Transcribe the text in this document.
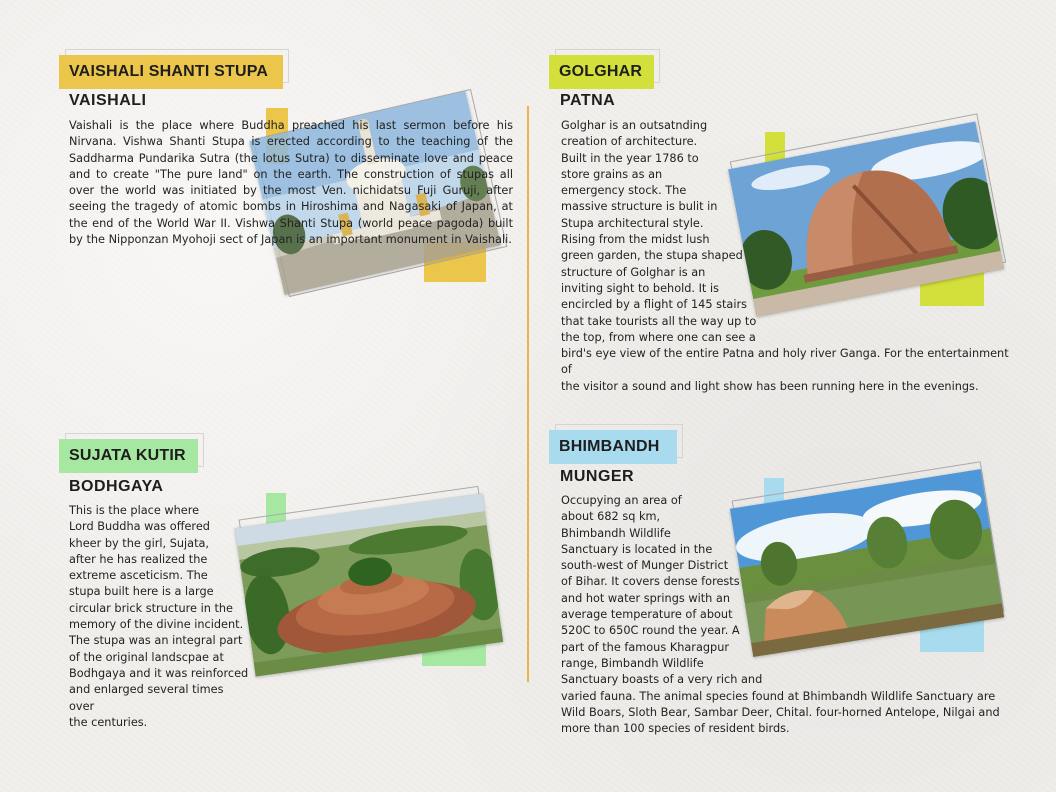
VAISHALI SHANTI STUPA
VAISHALI
Vaishali is the place where Buddha preached his last sermon before his Nirvana. Vishwa Shanti Stupa is erected according to the teaching of the Saddharma Pundarika Sutra (the lotus Sutra) to disseminate love and peace and to create "The pure land" on the earth. The construction of stupas all over the world was initiated by the most Ven. nichidatsu Fuji Guruji, after seeing the tragedy of atomic bombs in Hiroshima and Nagasaki of Japan, at the end of the World War II. Vishwa Shanti Stupa (world peace pagoda) built by the Nipponzan Myohoji sect of Japan is an important monument in Vaishali.
GOLGHAR
PATNA
Golghar is an outsatnding
creation of architecture.
Built in the year 1786 to
store grains as an
emergency stock. The
massive structure is bulit in
Stupa architectural style.
Rising from the midst lush
green garden, the stupa shaped
structure of Golghar is an
inviting sight to behold. It is
encircled by a flight of 145 stairs
that take tourists all the way up to
the top, from where one can see a
bird's eye view of the entire Patna and holy river Ganga. For the entertainment of
the visitor a sound and light show has been running here in the evenings.
SUJATA KUTIR
BODHGAYA
This is the place where
Lord Buddha was offered
kheer by the girl, Sujata,
after he has realized the
extreme asceticism. The
stupa built here is a large
circular brick structure in the
memory of the divine incident.
The stupa was an integral part
of the original landscpae at
Bodhgaya and it was reinforced
and enlarged several times over
the centuries.
BHIMBANDH
MUNGER
Occupying an area of
about 682 sq km,
Bhimbandh Wildlife
Sanctuary is located in the
south-west of Munger District
of Bihar. It covers dense forests
and hot water springs with an
average temperature of about
520C to 650C round the year. A
part of the famous Kharagpur
range, Bimbandh Wildlife
Sanctuary boasts of a very rich and
varied fauna. The animal species found at Bhimbandh Wildlife Sanctuary are
Wild Boars, Sloth Bear, Sambar Deer, Chital. four-horned Antelope, Nilgai and
more than 100 species of resident birds.
